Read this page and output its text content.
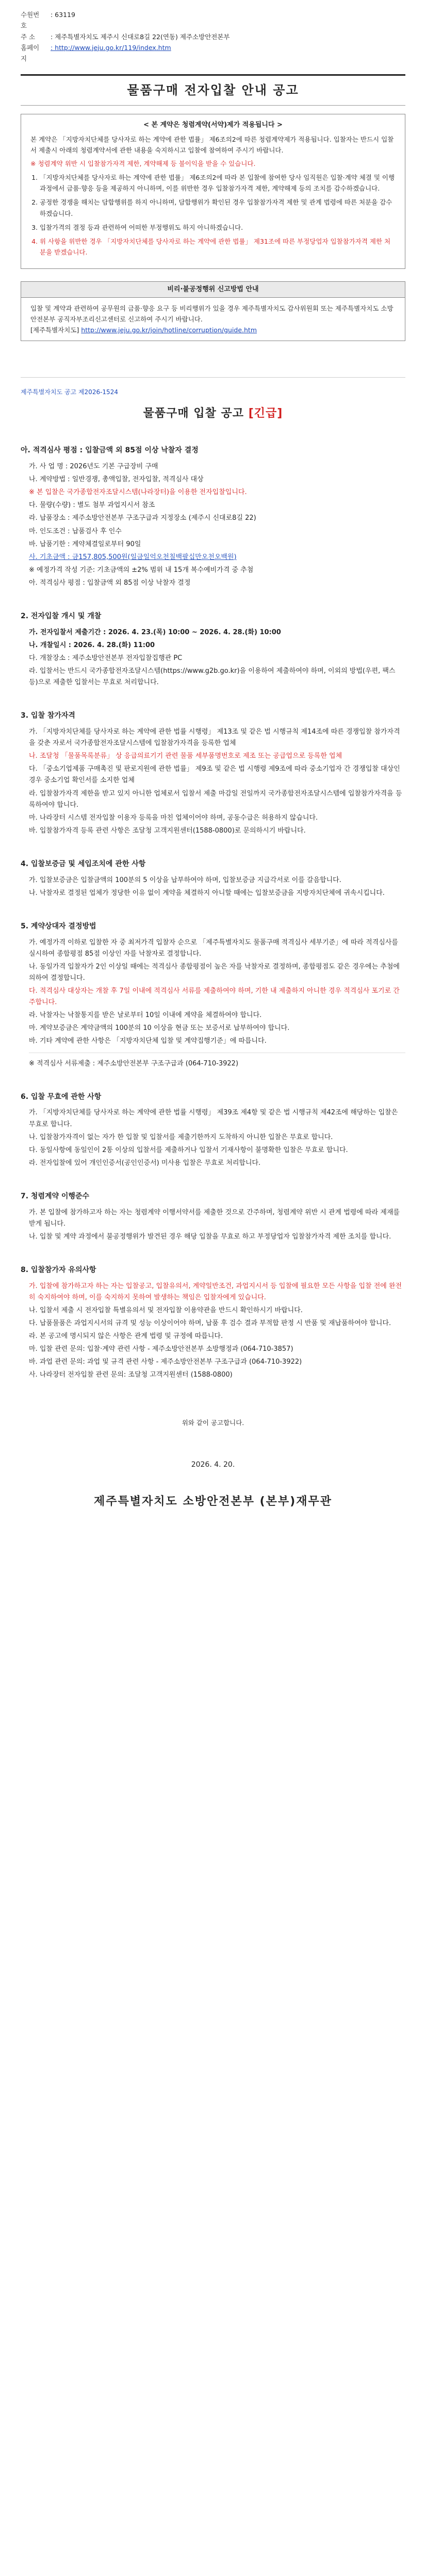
수원번호
: 63119
주 소	: 제주특별자치도 제주시 신대로8길 22(연동) 제주소방안전본부
홈페이지
: http://www.jeju.go.kr/119/index.htm
물품구매 전자입찰 안내 공고
< 본 계약은 청렴계약(서약)제가 적용됩니다 >

본 계약은 「지방자치단체를 당사자로 하는 계약에 관한 법률」 제6조의2에 따른 청렴계약제가 적용됩니다. 입찰자는 반드시 입찰서 제출시 아래의 청렴계약서에 관한 내용을 숙지하시고 입찰에 참여하여 주시기 바랍니다.

※ 청렴계약 위반 시 입찰참가자격 제한, 계약해제 등 불이익을 받을 수 있습니다.

1. 「지방자치단체를 당사자로 하는 계약에 관한 법률」 제6조의2에 따라 본 입찰에 참여한 당사 임직원은 입찰·계약 체결 및 이행과정에서 금품·향응 등을 제공하지 아니하며, 이를 위반한 경우 입찰참가자격 제한, 계약해제 등의 조치를 감수하겠습니다.
2. 공정한 경쟁을 해치는 담합행위를 하지 아니하며, 담합행위가 확인된 경우 입찰참가자격 제한 및 관계 법령에 따른 처분을 감수하겠습니다.
3. 입찰가격의 결정 등과 관련하여 어떠한 부정행위도 하지 아니하겠습니다.
4. 위 사항을 위반한 경우 「지방자치단체를 당사자로 하는 계약에 관한 법률」 제31조에 따른 부정당업자 입찰참가자격 제한 처분을 받겠습니다.
비리·불공정행위 신고방법 안내
입찰 및 계약과 관련하여 공무원의 금품·향응 요구 등 비리행위가 있을 경우 제주특별자치도 감사위원회 또는 제주특별자치도 소방안전본부 공직자부조리신고센터로 신고하여 주시기 바랍니다.
[제주특별자치도] http://www.jeju.go.kr/join/hotline/corruption/guide.htm
제주특별자치도 공고 제2026-1524
물품구매 입찰 공고 [긴급]
아. 적격심사 평점 : 입찰금액 외 85점 이상 낙찰자 결정
가. 사 업 명 : 2026년도 기본 구급장비 구매
나. 계약방법 : 일반경쟁, 총액입찰, 전자입찰, 적격심사 대상
※ 본 입찰은 국가종합전자조달시스템(나라장터)을 이용한 전자입찰입니다.
다. 물량(수량) : 별도 첨부 과업지시서 참조
라. 납품장소 : 제주소방안전본부 구조구급과 지정장소 (제주시 신대로8길 22)
마. 인도조건 : 납품검사 후 인수
바. 납품기한 : 계약체결일로부터 90일
사. 기초금액 : 금157,805,500원(일금일억오천칠백팔십만오천오백원)
※ 예정가격 작성 기준: 기초금액의 ±2% 범위 내 15개 복수예비가격 중 추첨
아. 적격심사 평점 : 입찰금액 외 85점 이상 낙찰자 결정
2. 전자입찰 개시 및 개찰
가. 전자입찰서 제출기간 : 2026. 4. 23.(목) 10:00 ~ 2026. 4. 28.(화) 10:00
나. 개찰일시 : 2026. 4. 28.(화) 11:00
다. 개찰장소 : 제주소방안전본부 전자입찰집행관 PC
라. 입찰서는 반드시 국가종합전자조달시스템(https://www.g2b.go.kr)을 이용하여 제출하여야 하며, 이외의 방법(우편, 팩스 등)으로 제출한 입찰서는 무효로 처리합니다.
3. 입찰 참가자격
가. 「지방자치단체를 당사자로 하는 계약에 관한 법률 시행령」 제13조 및 같은 법 시행규칙 제14조에 따른 경쟁입찰 참가자격을 갖춘 자로서 국가종합전자조달시스템에 입찰참가자격을 등록한 업체
나. 조달청 「물품목록분류」 상 응급의료기기 관련 물품 세부품명번호로 제조 또는 공급업으로 등록한 업체
다. 「중소기업제품 구매촉진 및 판로지원에 관한 법률」 제9조 및 같은 법 시행령 제9조에 따라 중소기업자 간 경쟁입찰 대상인 경우 중소기업 확인서를 소지한 업체
라. 입찰참가자격 제한을 받고 있지 아니한 업체로서 입찰서 제출 마감일 전일까지 국가종합전자조달시스템에 입찰참가자격을 등록하여야 합니다.
마. 나라장터 시스템 전자입찰 이용자 등록을 마친 업체이어야 하며, 공동수급은 허용하지 않습니다.
바. 입찰참가자격 등록 관련 사항은 조달청 고객지원센터(1588-0800)로 문의하시기 바랍니다.
4. 입찰보증금 및 세입조치에 관한 사항
가. 입찰보증금은 입찰금액의 100분의 5 이상을 납부하여야 하며, 입찰보증금 지급각서로 이를 갈음합니다.
나. 낙찰자로 결정된 업체가 정당한 이유 없이 계약을 체결하지 아니할 때에는 입찰보증금을 지방자치단체에 귀속시킵니다.
5. 계약상대자 결정방법
가. 예정가격 이하로 입찰한 자 중 최저가격 입찰자 순으로 「제주특별자치도 물품구매 적격심사 세부기준」에 따라 적격심사를 실시하여 종합평점 85점 이상인 자를 낙찰자로 결정합니다.
나. 동일가격 입찰자가 2인 이상일 때에는 적격심사 종합평점이 높은 자를 낙찰자로 결정하며, 종합평점도 같은 경우에는 추첨에 의하여 결정합니다.
다. 적격심사 대상자는 개찰 후 7일 이내에 적격심사 서류를 제출하여야 하며, 기한 내 제출하지 아니한 경우 적격심사 포기로 간주합니다.
라. 낙찰자는 낙찰통지를 받은 날로부터 10일 이내에 계약을 체결하여야 합니다.
마. 계약보증금은 계약금액의 100분의 10 이상을 현금 또는 보증서로 납부하여야 합니다.
바. 기타 계약에 관한 사항은 「지방자치단체 입찰 및 계약집행기준」에 따릅니다.
※ 적격심사 서류제출 : 제주소방안전본부 구조구급과 (064-710-3922)
6. 입찰 무효에 관한 사항
가. 「지방자치단체를 당사자로 하는 계약에 관한 법률 시행령」 제39조 제4항 및 같은 법 시행규칙 제42조에 해당하는 입찰은 무효로 합니다.
나. 입찰참가자격이 없는 자가 한 입찰 및 입찰서를 제출기한까지 도착하지 아니한 입찰은 무효로 합니다.
다. 동일사항에 동일인이 2통 이상의 입찰서를 제출하거나 입찰서 기재사항이 불명확한 입찰은 무효로 합니다.
라. 전자입찰에 있어 개인인증서(공인인증서) 미사용 입찰은 무효로 처리합니다.
7. 청렴계약 이행준수
가. 본 입찰에 참가하고자 하는 자는 청렴계약 이행서약서를 제출한 것으로 간주하며, 청렴계약 위반 시 관계 법령에 따라 제재를 받게 됩니다.
나. 입찰 및 계약 과정에서 불공정행위가 발견된 경우 해당 입찰을 무효로 하고 부정당업자 입찰참가자격 제한 조치를 합니다.
8. 입찰참가자 유의사항
가. 입찰에 참가하고자 하는 자는 입찰공고, 입찰유의서, 계약일반조건, 과업지시서 등 입찰에 필요한 모든 사항을 입찰 전에 완전히 숙지하여야 하며, 이를 숙지하지 못하여 발생하는 책임은 입찰자에게 있습니다.
나. 입찰서 제출 시 전자입찰 특별유의서 및 전자입찰 이용약관을 반드시 확인하시기 바랍니다.
다. 납품물품은 과업지시서의 규격 및 성능 이상이어야 하며, 납품 후 검수 결과 부적합 판정 시 반품 및 재납품하여야 합니다.
라. 본 공고에 명시되지 않은 사항은 관계 법령 및 규정에 따릅니다.
마. 입찰 관련 문의: 입찰·계약 관련 사항 - 제주소방안전본부 소방행정과 (064-710-3857)
바. 과업 관련 문의: 과업 및 규격 관련 사항 - 제주소방안전본부 구조구급과 (064-710-3922)
사. 나라장터 전자입찰 관련 문의: 조달청 고객지원센터 (1588-0800)
위와 같이 공고합니다.
2026. 4. 20.
제주특별자치도 소방안전본부 (본부)재무관
